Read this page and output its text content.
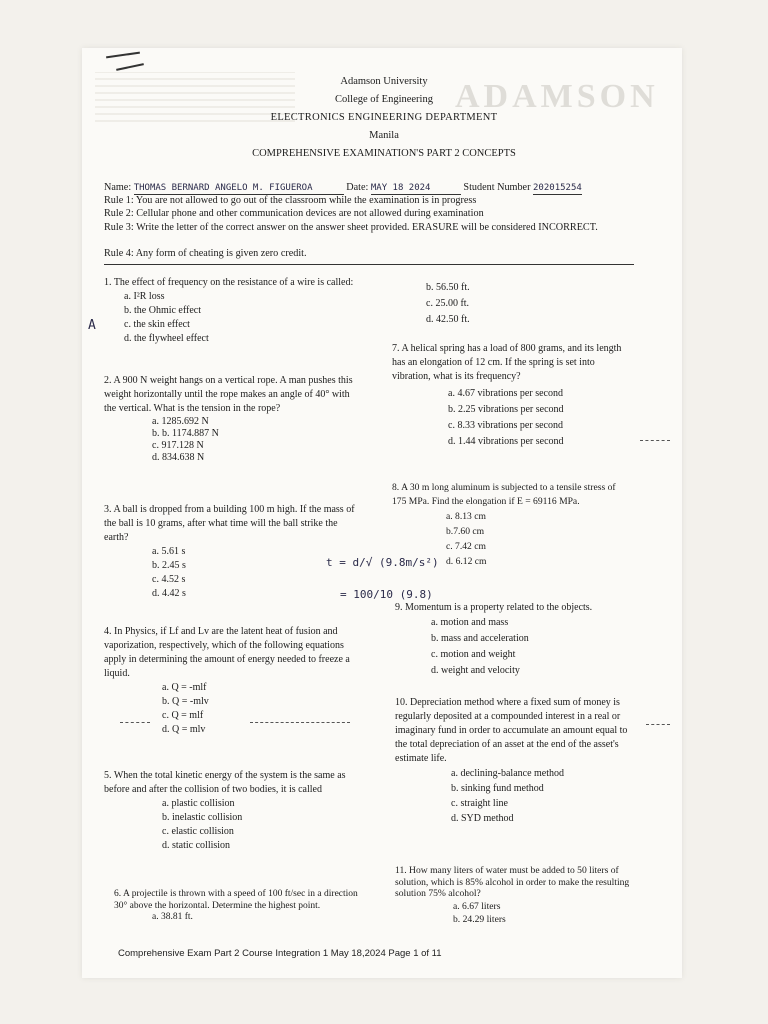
ADAMSON
Adamson University
College of Engineering
ELECTRONICS ENGINEERING DEPARTMENT
Manila
COMPREHENSIVE EXAMINATION'S PART 2 CONCEPTS
Name: THOMAS BERNARD ANGELO M. FIGUEROA	Date: MAY 18 2024	Student Number 202015254
Rule 1: You are not allowed to go out of the classroom while the examination is in progress
Rule 2: Cellular phone and other communication devices are not allowed during examination
Rule 3: Write the letter of the correct answer on the answer sheet provided. ERASURE will be considered INCORRECT.
Rule 4: Any form of cheating is given zero credit.
1. The effect of frequency on the resistance of a wire is called:
a. I²R loss
b. the Ohmic effect
c. the skin effect
d. the flywheel effect
A
2. A 900 N weight hangs on a vertical rope. A man pushes this weight horizontally until the rope makes an angle of 40° with the vertical. What is the tension in the rope?
a. 1285.692 N
b. b. 1174.887 N
c. 917.128 N
d. 834.638 N
3. A ball is dropped from a building 100 m high. If the mass of the ball is 10 grams, after what time will the ball strike the earth?
a. 5.61 s
b. 2.45 s
c. 4.52 s
d. 4.42 s
t = d/√ (9.8m/s²)
= 100/10 (9.8)
4. In Physics, if Lf and Lv are the latent heat of fusion and vaporization, respectively, which of the following equations apply in determining the amount of energy needed to freeze a liquid.
a. Q = -mlf
b. Q = -mlv
c. Q = mlf
d. Q = mlv
5. When the total kinetic energy of the system is the same as before and after the collision of two bodies, it is called
a. plastic collision
b. inelastic collision
c. elastic collision
d. static collision
6. A projectile is thrown with a speed of 100 ft/sec in a direction 30° above the horizontal. Determine the highest point.
a. 38.81 ft.
b. 56.50 ft.
c. 25.00 ft.
d. 42.50 ft.
7. A helical spring has a load of 800 grams, and its length has an elongation of 12 cm. If the spring is set into vibration, what is its frequency?
a. 4.67 vibrations per second
b. 2.25 vibrations per second
c. 8.33 vibrations per second
d. 1.44 vibrations per second
8. A 30 m long aluminum is subjected to a tensile stress of 175 MPa. Find the elongation if E = 69116 MPa.
a. 8.13 cm
b.7.60 cm
c. 7.42 cm
d. 6.12 cm
9. Momentum is a property related to the objects.
a. motion and mass
b. mass and acceleration
c. motion and weight
d. weight and velocity
10. Depreciation method where a fixed sum of money is regularly deposited at a compounded interest in a real or imaginary fund in order to accumulate an amount equal to the total depreciation of an asset at the end of the asset's estimate life.
a. declining-balance method
b. sinking fund method
c. straight line
d. SYD method
11. How many liters of water must be added to 50 liters of solution, which is 85% alcohol in order to make the resulting solution 75% alcohol?
a. 6.67 liters
b. 24.29 liters
Comprehensive Exam Part 2 Course Integration 1 May 18,2024 Page 1 of 11
